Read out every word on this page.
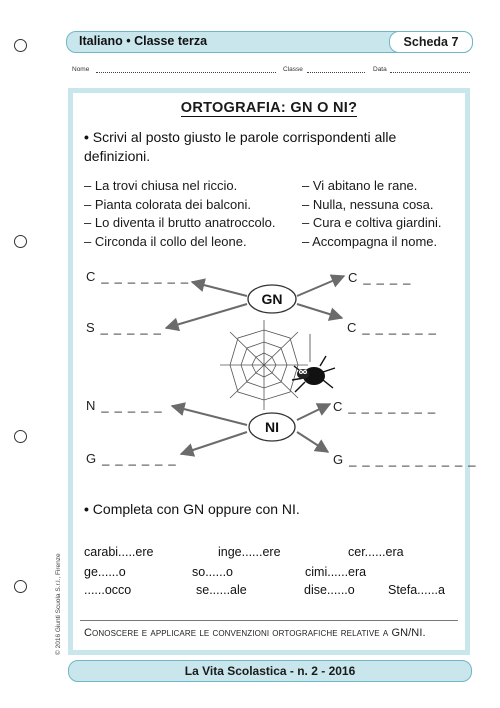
Italiano • Classe terza	Scheda 7
Nome	Classe	Data
ORTOGRAFIA: GN O NI?
• Scrivi al posto giusto le parole corrispondenti alle definizioni.
– La trovi chiusa nel riccio.
– Pianta colorata dei balconi.
– Lo diventa il brutto anatroccolo.
– Circonda il collo del leone.
– Vi abitano le rane.
– Nulla, nessuna cosa.
– Cura e coltiva giardini.
– Accompagna il nome.
GN
NI
C _ _ _ _ _ _ _
S _ _ _ _ _
C _ _ _ _
C _ _ _ _ _ _
N _ _ _ _ _
G _ _ _ _ _ _
C _ _ _ _ _ _ _
G _ _ _ _ _ _ _ _ _ _
• Completa con GN oppure con NI.
carabi.....ere	inge......ere	cer......era
ge......o	so......o	cimi......era
......occo	se......ale	dise......o	Stefa......a
Conoscere e applicare le convenzioni ortografiche relative a GN/NI.
La Vita Scolastica - n. 2 - 2016
© 2016 Giunti Scuola S.r.l., Firenze
